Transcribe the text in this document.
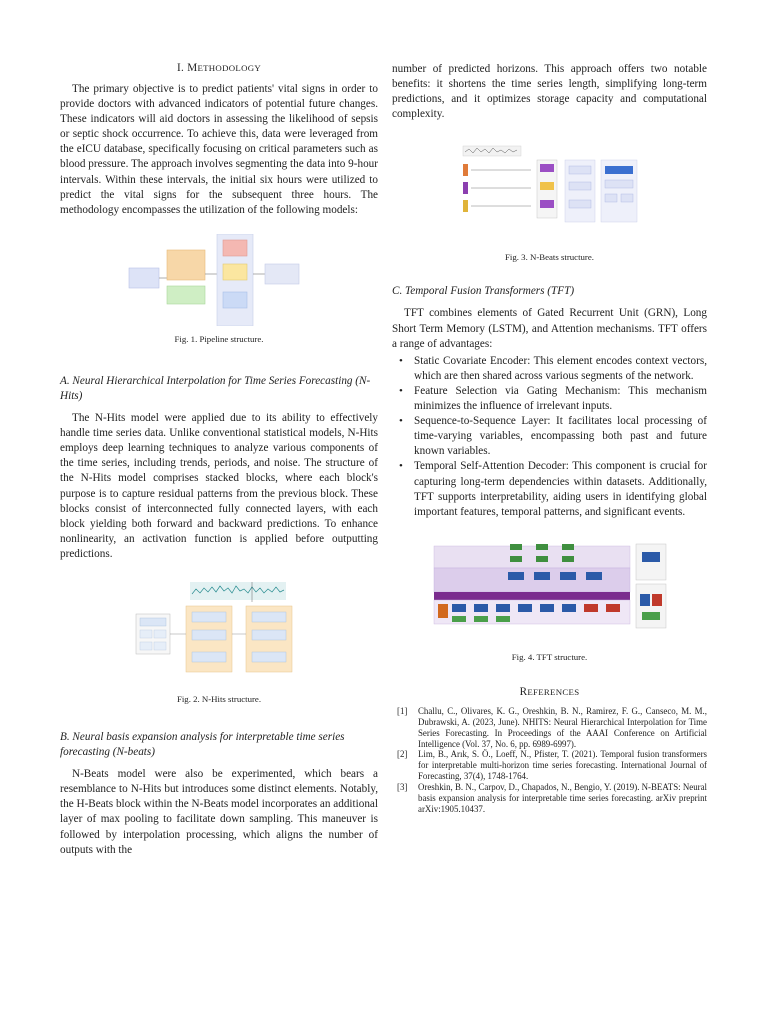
I. METHODOLOGY

The primary objective is to predict patients' vital signs in order to provide doctors with advanced indicators of potential future changes. These indicators will aid doctors in assessing the likelihood of sepsis or septic shock occurrence. To achieve this, data were leveraged from the eICU database, specifically focusing on critical parameters such as blood pressure. The approach involves segmenting the data into 9-hour intervals. Within these intervals, the initial six hours were utilized to predict the vital signs for the subsequent three hours. The methodology encompasses the utilization of the following models:

Fig. 1. Pipeline structure.

A. Neural Hierarchical Interpolation for Time Series Forecasting (N-Hits)

The N-Hits model were applied due to its ability to effectively handle time series data. Unlike conventional statistical models, N-Hits employs deep learning techniques to analyze various components of the time series, including trends, periods, and noise. The structure of the N-Hits model comprises stacked blocks, where each block's purpose is to capture residual patterns from the previous block. These blocks consist of interconnected fully connected layers, with each block yielding both forward and backward predictions. To enhance nonlinearity, an activation function is applied before outputting predictions.

Fig. 2. N-Hits structure.

B. Neural basis expansion analysis for interpretable time series forecasting (N-beats)

N-Beats model were also be experimented, which bears a resemblance to N-Hits but introduces some distinct elements. Notably, the H-Beats block within the N-Beats model incorporates an additional layer of max pooling to facilitate down sampling. This maneuver is followed by interpolation processing, which aligns the number of outputs with the

number of predicted horizons. This approach offers two notable benefits: it shortens the time series length, simplifying long-term predictions, and it optimizes storage capacity and computational complexity.

Fig. 3. N-Beats structure.

C. Temporal Fusion Transformers (TFT)

TFT combines elements of Gated Recurrent Unit (GRN), Long Short Term Memory (LSTM), and Attention mechanisms. TFT offers a range of advantages:

• Static Covariate Encoder: This element encodes context vectors, which are then shared across various segments of the network.
• Feature Selection via Gating Mechanism: This mechanism minimizes the influence of irrelevant inputs.
• Sequence-to-Sequence Layer: It facilitates local processing of time-varying variables, encompassing both past and future known variables.
• Temporal Self-Attention Decoder: This component is crucial for capturing long-term dependencies within datasets. Additionally, TFT supports interpretability, aiding users in identifying global important features, temporal patterns, and significant events.

Fig. 4. TFT structure.

REFERENCES
[1] Challu, C., Olivares, K. G., Oreshkin, B. N., Ramirez, F. G., Canseco, M. M., Dubrawski, A. (2023, June). NHITS: Neural Hierarchical Interpolation for Time Series Forecasting. In Proceedings of the AAAI Conference on Artificial Intelligence (Vol. 37, No. 6, pp. 6989-6997).
[2] Lim, B., Arık, S. Ö., Loeff, N., Pfister, T. (2021). Temporal fusion transformers for interpretable multi-horizon time series forecasting. International Journal of Forecasting, 37(4), 1748-1764.
[3] Oreshkin, B. N., Carpov, D., Chapados, N., Bengio, Y. (2019). N-BEATS: Neural basis expansion analysis for interpretable time series forecasting. arXiv preprint arXiv:1905.10437.
